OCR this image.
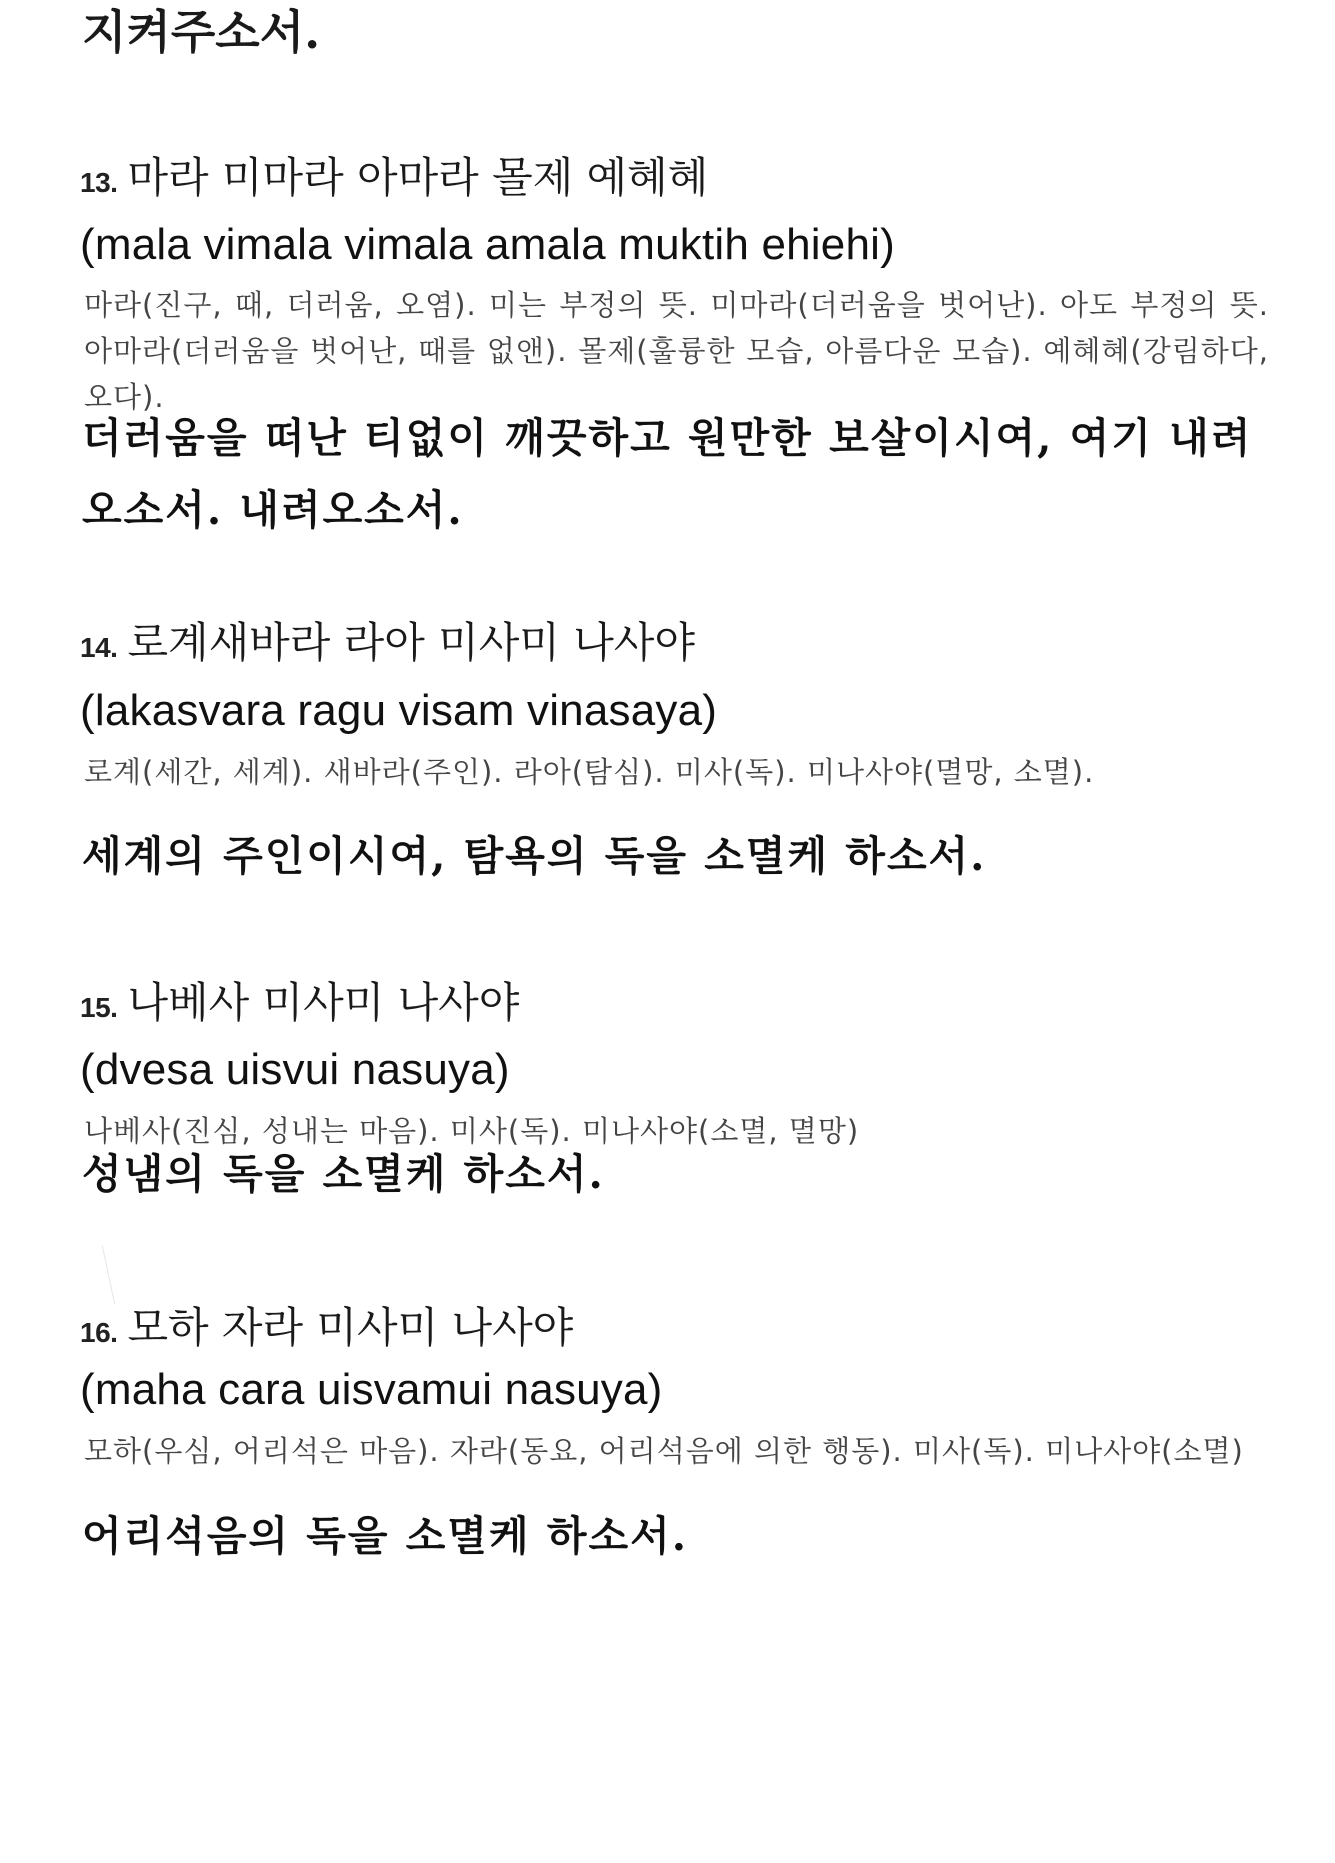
지켜주소서.
13. 마라 미마라 아마라 몰제 예혜혜
(mala vimala vimala amala muktih ehiehi)
마라(진구, 때, 더러움, 오염). 미는 부정의 뜻. 미마라(더러움을 벗어난). 아도 부정의 뜻. 아마라(더러움을 벗어난, 때를 없앤). 몰제(훌륭한 모습, 아름다운 모습). 예혜혜(강림하다, 오다).
더러움을 떠난 티없이 깨끗하고 원만한 보살이시여, 여기 내려오소서. 내려오소서.
14. 로계새바라 라아 미사미 나사야
(lakasvara ragu visam vinasaya)
로계(세간, 세계). 새바라(주인). 라아(탐심). 미사(독). 미나사야(멸망, 소멸).
세계의 주인이시여, 탐욕의 독을 소멸케 하소서.
15. 나베사 미사미 나사야
(dvesa uisvui nasuya)
나베사(진심, 성내는 마음). 미사(독). 미나사야(소멸, 멸망)
성냄의 독을 소멸케 하소서.
16. 모하 자라 미사미 나사야
(maha cara uisvamui nasuya)
모하(우심, 어리석은 마음). 자라(동요, 어리석음에 의한 행동). 미사(독). 미나사야(소멸)
어리석음의 독을 소멸케 하소서.
